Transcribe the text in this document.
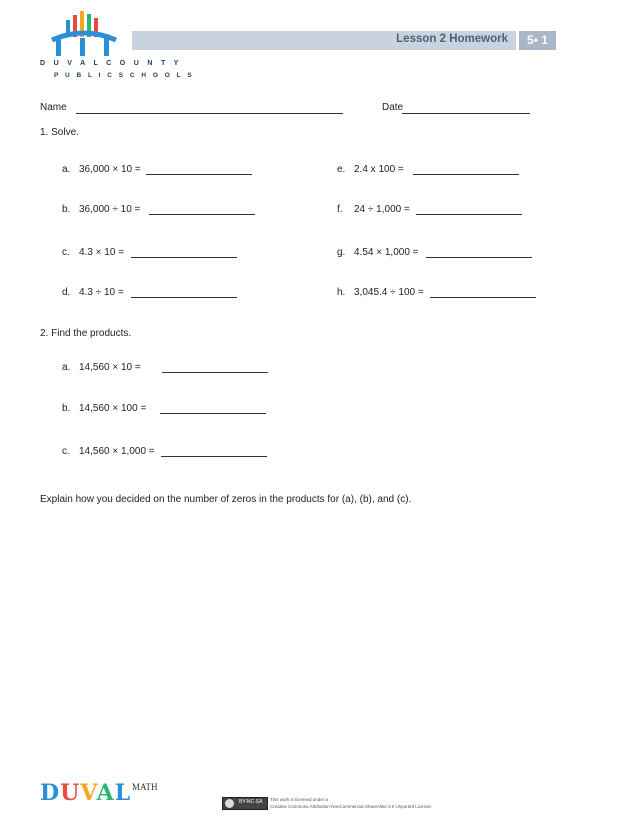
D U V A L C O U N T Y
P U B L I C S C H O O L S
Lesson 2 Homework	5• 1
Name	Date
1. Solve.
a. 36,000 × 10 =
b. 36,000 ÷ 10 =
c. 4.3 × 10 =
d. 4.3 ÷ 10 =
e. 2.4 x 100 =
f. 24 ÷ 1,000 =
g. 4.54 × 1,000 =
h. 3,045.4 ÷ 100 =
2. Find the products.
a. 14,560 × 10 =
b. 14,560 × 100 =
c. 14,560 × 1,000 =
Explain how you decided on the number of zeros in the products for (a), (b), and (c).
DUVAL MATH
BY-NC-SA This work is licensed under a
Creative Commons Attribution-NonCommercial-ShareAlike 3.0 Unported License.
